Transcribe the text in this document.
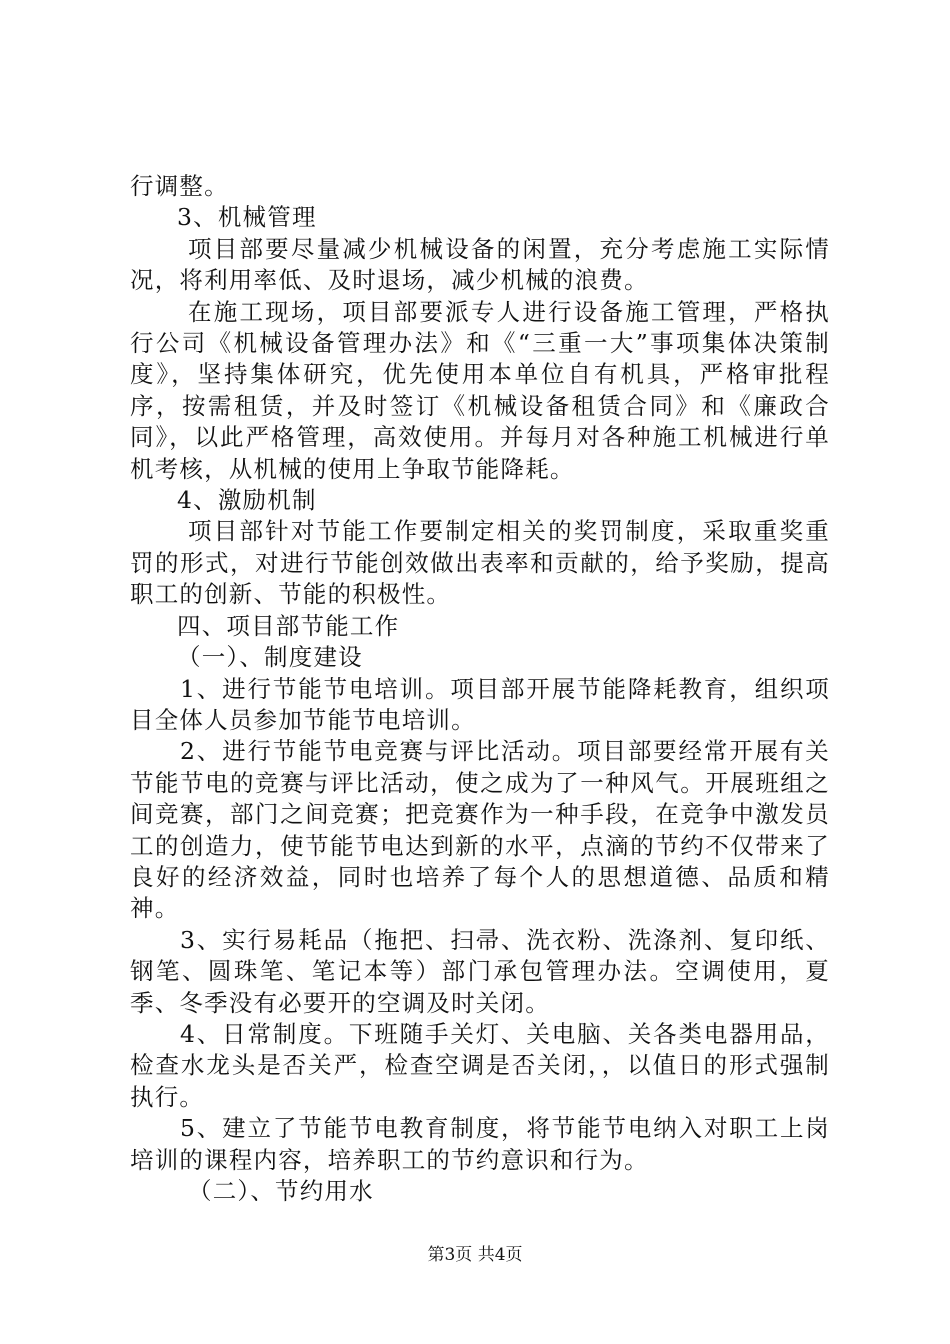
行调整。

3、机械管理

项目部要尽量减少机械设备的闲置，充分考虑施工实际情况，将利用率低、及时退场，减少机械的浪费。

在施工现场，项目部要派专人进行设备施工管理，严格执行公司《机械设备管理办法》和《“三重一大”事项集体决策制度》，坚持集体研究，优先使用本单位自有机具，严格审批程序，按需租赁，并及时签订《机械设备租赁合同》和《廉政合同》，以此严格管理，高效使用。并每月对各种施工机械进行单机考核，从机械的使用上争取节能降耗。

4、激励机制

项目部针对节能工作要制定相关的奖罚制度，采取重奖重罚的形式，对进行节能创效做出表率和贡献的，给予奖励，提高职工的创新、节能的积极性。

四、项目部节能工作

（一）、制度建设

1、进行节能节电培训。项目部开展节能降耗教育，组织项目全体人员参加节能节电培训。

2、进行节能节电竞赛与评比活动。项目部要经常开展有关节能节电的竞赛与评比活动，使之成为了一种风气。开展班组之间竞赛，部门之间竞赛；把竞赛作为一种手段，在竞争中激发员工的创造力，使节能节电达到新的水平，点滴的节约不仅带来了良好的经济效益，同时也培养了每个人的思想道德、品质和精神。

3、实行易耗品（拖把、扫帚、洗衣粉、洗涤剂、复印纸、钢笔、圆珠笔、笔记本等）部门承包管理办法。空调使用，夏季、冬季没有必要开的空调及时关闭。

4、日常制度。下班随手关灯、关电脑、关各类电器用品，检查水龙头是否关严，检查空调是否关闭，，以值日的形式强制执行。

5、建立了节能节电教育制度，将节能节电纳入对职工上岗培训的课程内容，培养职工的节约意识和行为。

（二）、节约用水

第3页 共4页
